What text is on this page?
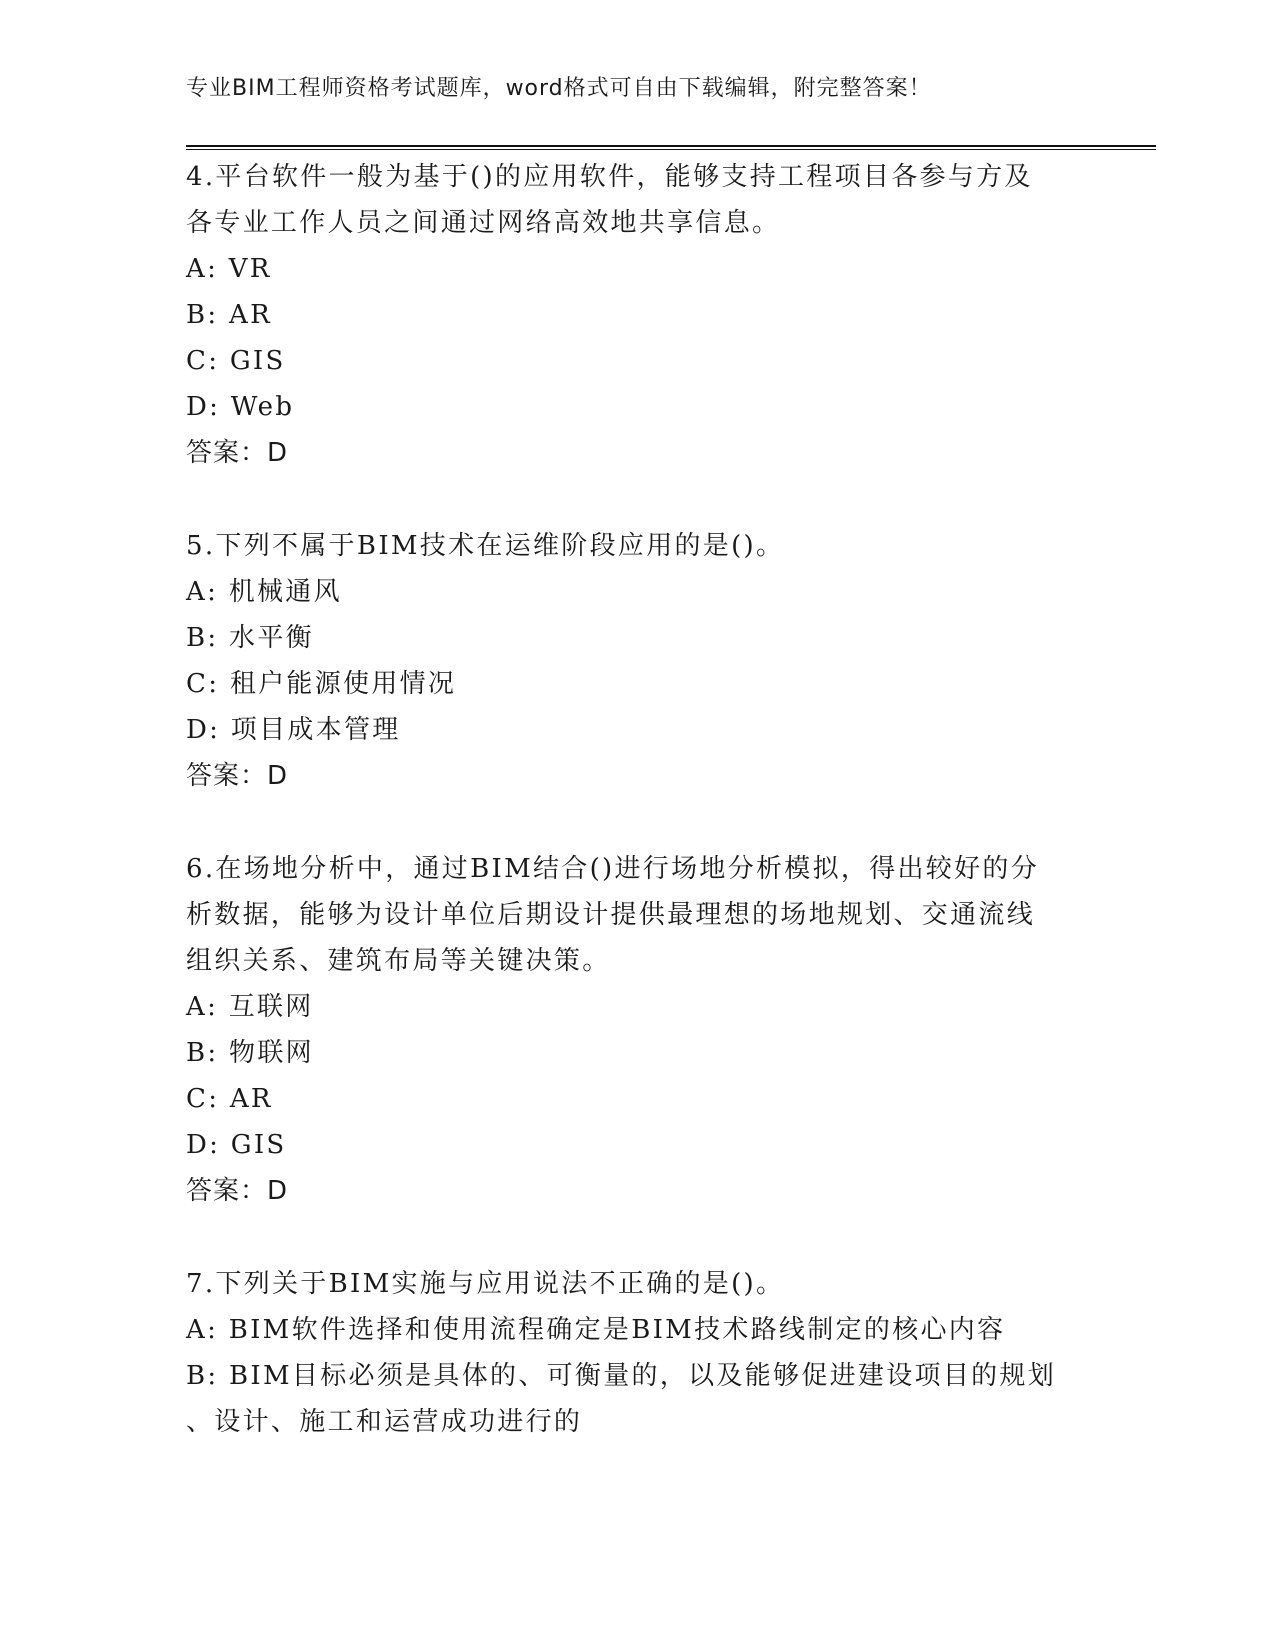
专业BIM工程师资格考试题库，word格式可自由下载编辑，附完整答案！
4.平台软件一般为基于()的应用软件，能够支持工程项目各参与方及
各专业工作人员之间通过网络高效地共享信息。
A: VR
B: AR
C: GIS
D: Web
答案：D
5.下列不属于BIM技术在运维阶段应用的是()。
A: 机械通风
B: 水平衡
C: 租户能源使用情况
D: 项目成本管理
答案：D
6.在场地分析中，通过BIM结合()进行场地分析模拟，得出较好的分
析数据，能够为设计单位后期设计提供最理想的场地规划、交通流线
组织关系、建筑布局等关键决策。
A: 互联网
B: 物联网
C: AR
D: GIS
答案：D
7.下列关于BIM实施与应用说法不正确的是()。
A: BIM软件选择和使用流程确定是BIM技术路线制定的核心内容
B: BIM目标必须是具体的、可衡量的，以及能够促进建设项目的规划
、设计、施工和运营成功进行的
